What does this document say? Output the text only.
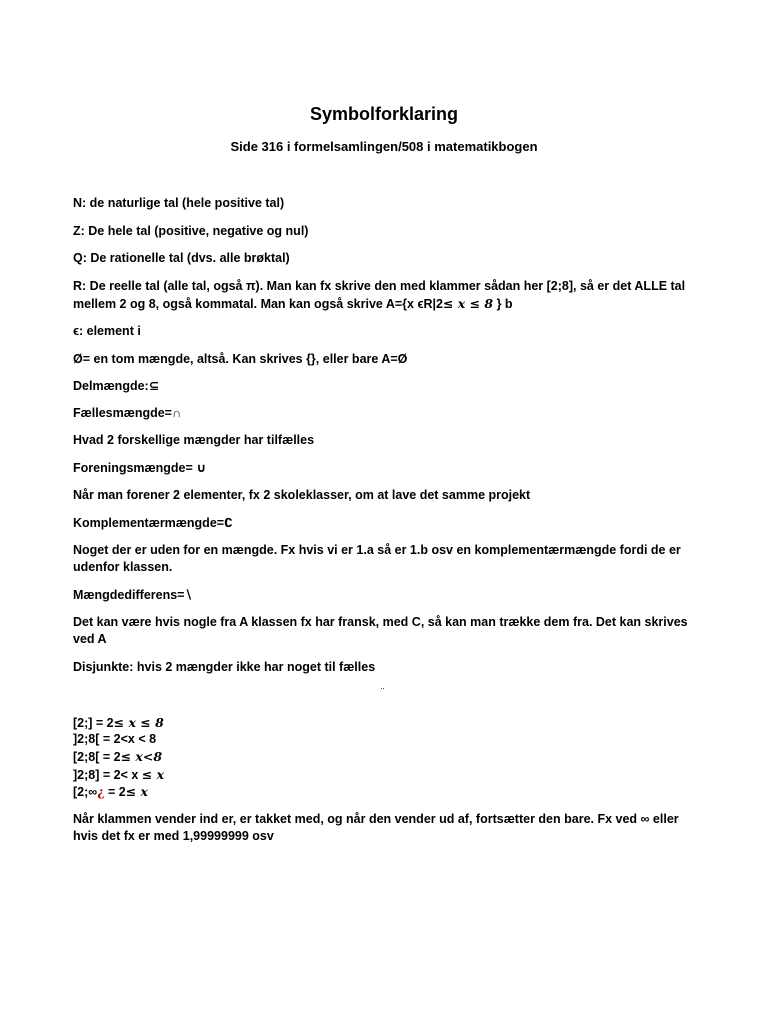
Symbolforklaring
Side 316 i formelsamlingen/508 i matematikbogen

N: de naturlige tal (hele positive tal)

Z: De hele tal (positive, negative og nul)

Q: De rationelle tal (dvs. alle brøktal)

R: De reelle tal (alle tal, også π). Man kan fx skrive den med klammer sådan her [2;8], så er det ALLE tal mellem 2 og 8, også kommatal. Man kan også skrive A={x ϵR|2≤ x ≤ 8 } b

ϵ: element i

Ø= en tom mængde, altså. Kan skrives {}, eller bare A=Ø

Delmængde:⊆

Fællesmængde=∩

Hvad 2 forskellige mængder har tilfælles

Foreningsmængde= ∪

Når man forener 2 elementer, fx 2 skoleklasser, om at lave det samme projekt

Komplementærmængde=∁

Noget der er uden for en mængde. Fx hvis vi er 1.a så er 1.b osv en komplementærmængde fordi de er udenfor klassen.

Mængdedifferens=∖

Det kan være hvis nogle fra A klassen fx har fransk, med C, så kan man trække dem fra. Det kan skrives ved A

Disjunkte: hvis 2 mængder ikke har noget til fælles

¨

[2;] = 2≤ x ≤ 8

]2;8[ = 2<x < 8

[2;8[ = 2≤ x<8

]2;8] = 2< x ≤ x

[2;∞¿ = 2≤ x

Når klammen vender ind er, er takket med, og når den vender ud af, fortsætter den bare. Fx ved ∞ eller hvis det fx er med 1,99999999 osv
